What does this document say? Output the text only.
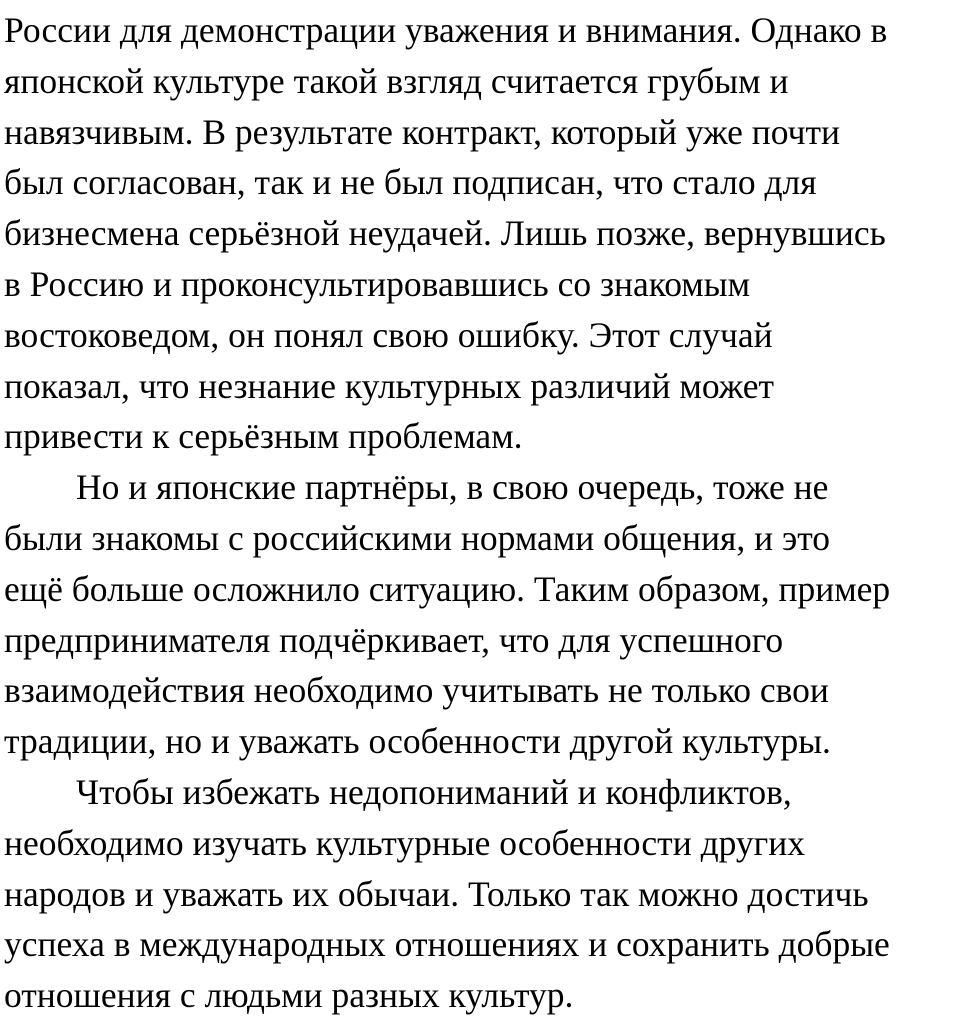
России для демонстрации уважения и внимания. Однако в
японской культуре такой взгляд считается грубым и
навязчивым. В результате контракт, который уже почти
был согласован, так и не был подписан, что стало для
бизнесмена серьёзной неудачей. Лишь позже, вернувшись
в Россию и проконсультировавшись со знакомым
востоковедом, он понял свою ошибку. Этот случай
показал, что незнание культурных различий может
привести к серьёзным проблемам.
Но и японские партнёры, в свою очередь, тоже не
были знакомы с российскими нормами общения, и это
ещё больше осложнило ситуацию. Таким образом, пример
предпринимателя подчёркивает, что для успешного
взаимодействия необходимо учитывать не только свои
традиции, но и уважать особенности другой культуры.
Чтобы избежать недопониманий и конфликтов,
необходимо изучать культурные особенности других
народов и уважать их обычаи. Только так можно достичь
успеха в международных отношениях и сохранить добрые
отношения с людьми разных культур.
